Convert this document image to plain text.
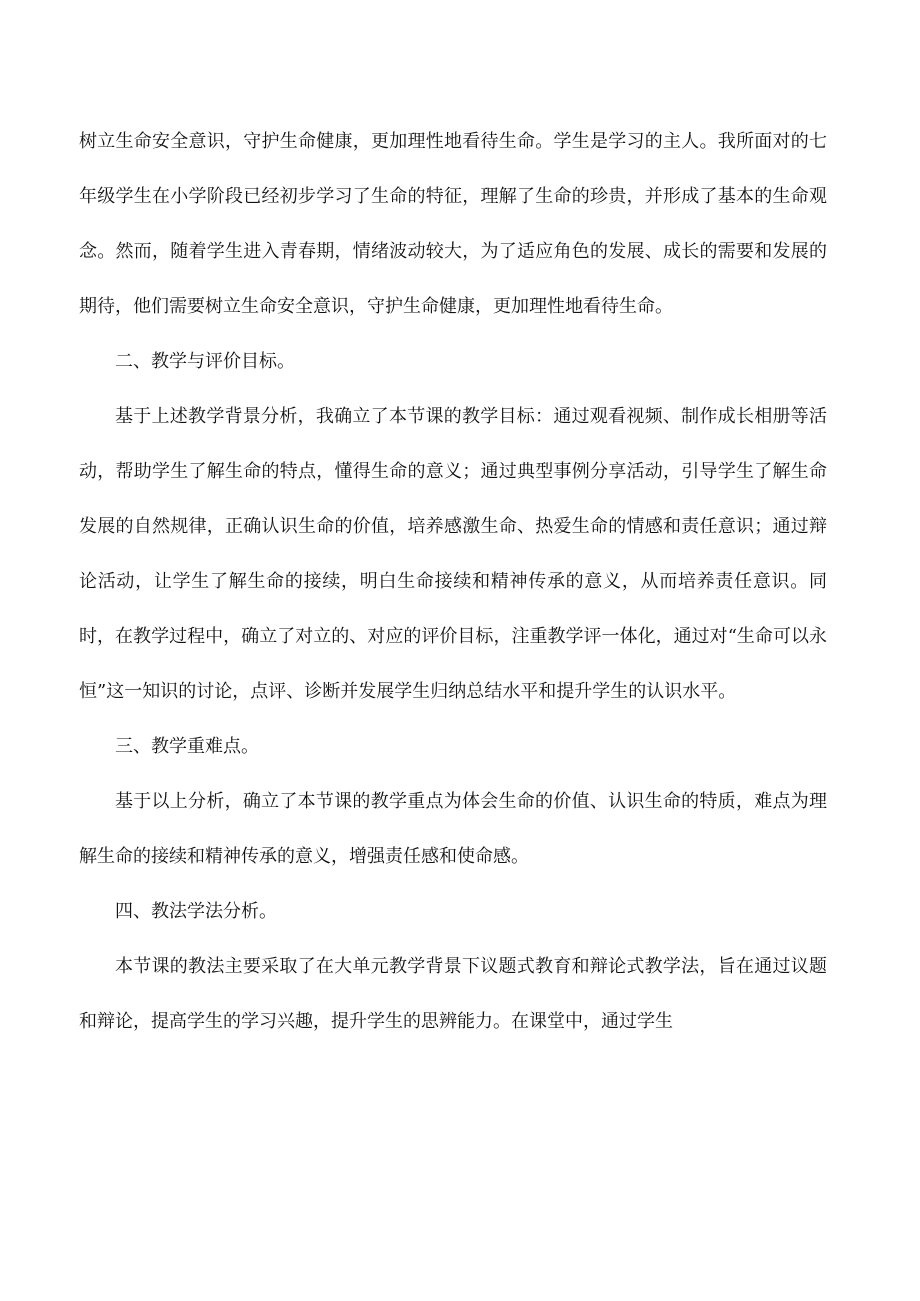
树立生命安全意识，守护生命健康，更加理性地看待生命。学生是学习的主人。我所面对的七年级学生在小学阶段已经初步学习了生命的特征，理解了生命的珍贵，并形成了基本的生命观念。然而，随着学生进入青春期，情绪波动较大，为了适应角色的发展、成长的需要和发展的期待，他们需要树立生命安全意识，守护生命健康，更加理性地看待生命。

二、教学与评价目标。

基于上述教学背景分析，我确立了本节课的教学目标：通过观看视频、制作成长相册等活动，帮助学生了解生命的特点，懂得生命的意义；通过典型事例分享活动，引导学生了解生命发展的自然规律，正确认识生命的价值，培养感激生命、热爱生命的情感和责任意识；通过辩论活动，让学生了解生命的接续，明白生命接续和精神传承的意义，从而培养责任意识。同时，在教学过程中，确立了对立的、对应的评价目标，注重教学评一体化，通过对“生命可以永恒”这一知识的讨论，点评、诊断并发展学生归纳总结水平和提升学生的认识水平。

三、教学重难点。

基于以上分析，确立了本节课的教学重点为体会生命的价值、认识生命的特质，难点为理解生命的接续和精神传承的意义，增强责任感和使命感。

四、教法学法分析。

本节课的教法主要采取了在大单元教学背景下议题式教育和辩论式教学法，旨在通过议题和辩论，提高学生的学习兴趣，提升学生的思辨能力。在课堂中，通过学生
